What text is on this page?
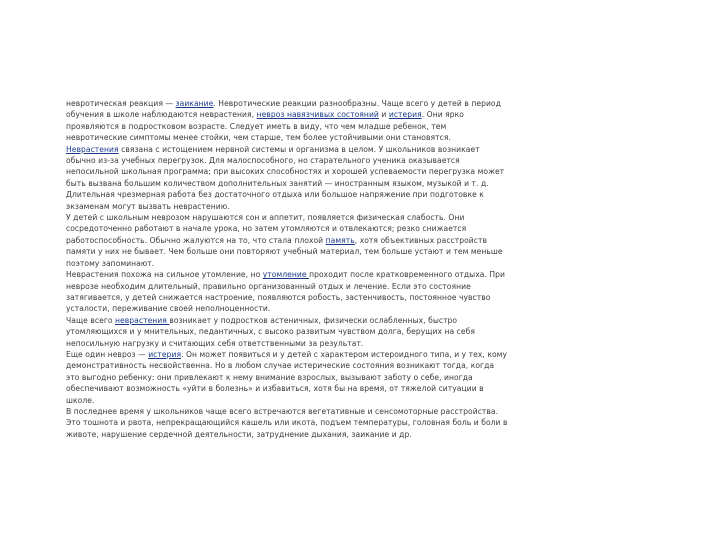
невротическая реакция — заикание. Невротические реакции разнообразны. Чаще всего у детей в период
обучения в школе наблюдаются неврастения, невроз навязчивых состояний и истерия. Они ярко
проявляются в подростковом возрасте. Следует иметь в виду, что чем младше ребенок, тем
невротические симптомы менее стойки, чем старше, тем более устойчивыми они становятся.
Неврастения связана с истощением нервной системы и организма в целом. У школьников возникает
обычно из-за учебных перегрузок. Для малоспособного, но старательного ученика оказывается
непосильной школьная программа; при высоких способностях и хорошей успеваемости перегрузка может
быть вызвана большим количеством дополнительных занятий — иностранным языком, музыкой и т. д.
Длительная чрезмерная работа без достаточного отдыха или большое напряжение при подготовке к
экзаменам могут вызвать неврастению.
У детей с школьным неврозом нарушаются сон и аппетит, появляется физическая слабость. Они
сосредоточенно работают в начале урока, но затем утомляются и отвлекаются; резко снижается
работоспособность. Обычно жалуются на то, что стала плохой память, хотя объективных расстройств
памяти у них не бывает. Чем больше они повторяют учебный материал, тем больше устают и тем меньше
поэтому запоминают.
Неврастения похожа на сильное утомление, но утомление проходит после кратковременного отдыха. При
неврозе необходим длительный, правильно организованный отдых и лечение. Если это состояние
затягивается, у детей снижается настроение, появляются робость, застенчивость, постоянное чувство
усталости, переживание своей неполноценности.
Чаще всего неврастения возникает у подростков астеничных, физически ослабленных, быстро
утомляющихся и у мнительных, педантичных, с высоко развитым чувством долга, берущих на себя
непосильную нагрузку и считающих себя ответственными за результат.
Еще один невроз — истерия. Он может появиться и у детей с характером истероидного типа, и у тех, кому
демонстративность несвойственна. Но в любом случае истерические состояния возникают тогда, когда
это выгодно ребенку: они привлекают к нему внимание взрослых, вызывают заботу о себе, иногда
обеспечивают возможность «уйти в болезнь» и избавиться, хотя бы на время, от тяжелой ситуации в
школе.
В последнее время у школьников чаще всего встречаются вегетативные и сенсомоторные расстройства.
Это тошнота и рвота, непрекращающийся кашель или икота, подъем температуры, головная боль и боли в
животе, нарушение сердечной деятельности, затруднение дыхания, заикание и др.
